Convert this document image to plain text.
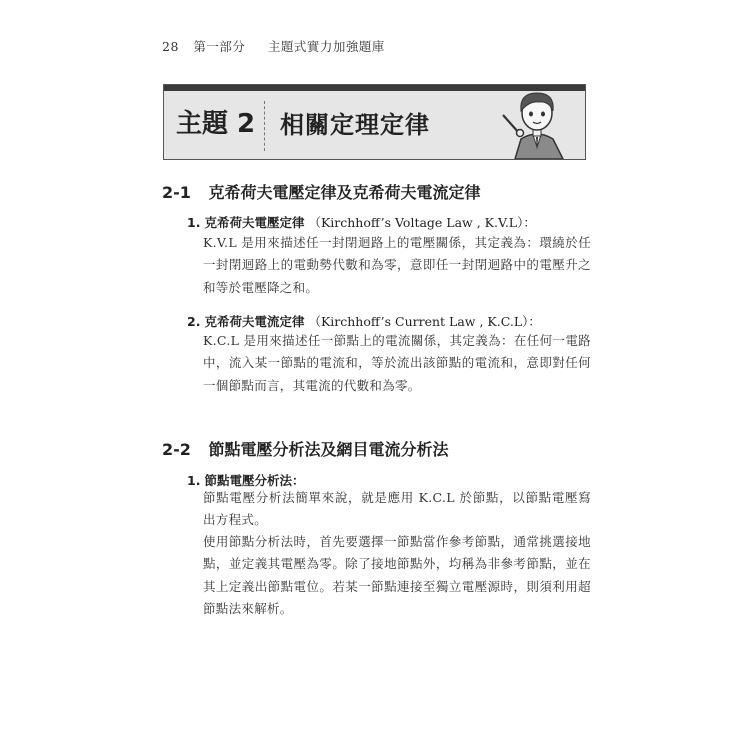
28 第一部分 主題式實力加強題庫
主題 2 相關定理定律
2-1 克希荷夫電壓定律及克希荷夫電流定律
1. 克希荷夫電壓定律 （Kirchhoff’s Voltage Law , K.V.L）：
K.V.L 是用來描述任一封閉迴路上的電壓關係，其定義為：環繞於任一封閉迴路上的電動勢代數和為零，意即任一封閉迴路中的電壓升之和等於電壓降之和。
2. 克希荷夫電流定律 （Kirchhoff’s Current Law , K.C.L）：
K.C.L 是用來描述任一節點上的電流關係，其定義為：在任何一電路中，流入某一節點的電流和，等於流出該節點的電流和，意即對任何一個節點而言，其電流的代數和為零。
2-2 節點電壓分析法及網目電流分析法
1. 節點電壓分析法：
節點電壓分析法簡單來說，就是應用 K.C.L 於節點，以節點電壓寫出方程式。
使用節點分析法時，首先要選擇一節點當作參考節點，通常挑選接地點，並定義其電壓為零。除了接地節點外，均稱為非參考節點，並在其上定義出節點電位。若某一節點連接至獨立電壓源時，則須利用超節點法來解析。
